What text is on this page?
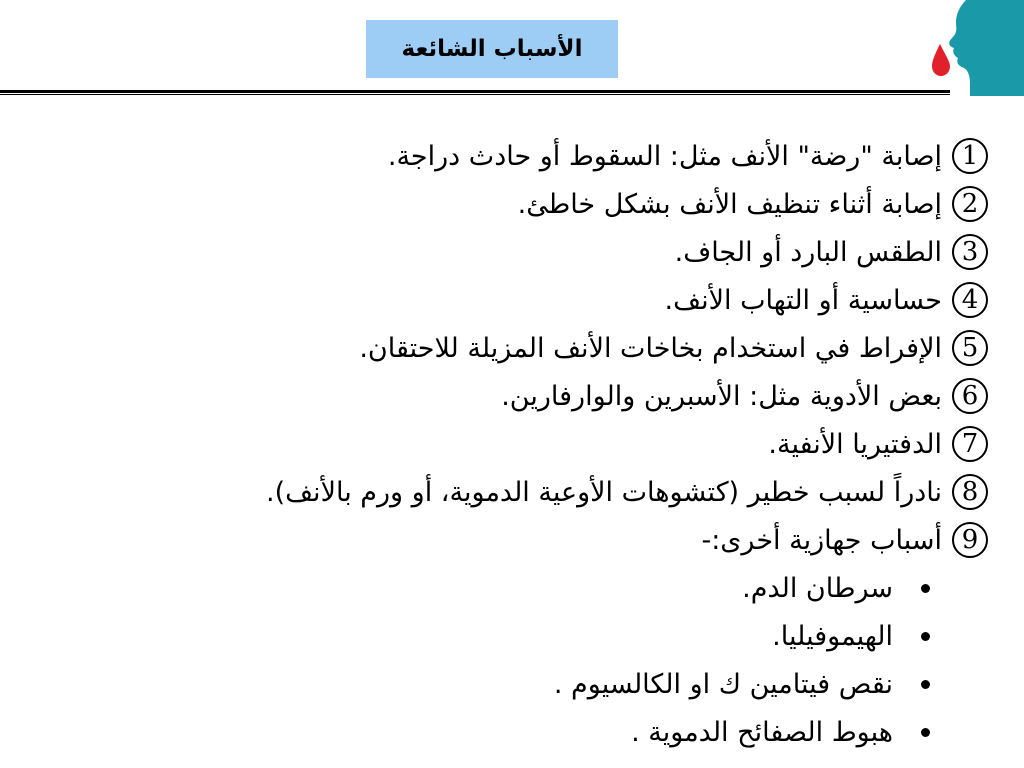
الأسباب الشائعة
1
إصابة "رضة" الأنف مثل: السقوط أو حادث دراجة.
2
إصابة أثناء تنظيف الأنف بشكل خاطئ.
3
الطقس البارد أو الجاف.
4
حساسية أو التهاب الأنف.
5
الإفراط في استخدام بخاخات الأنف المزيلة للاحتقان.
6
بعض الأدوية مثل: الأسبرين والوارفارين.
7
الدفتيريا الأنفية.
8
نادراً لسبب خطير (كتشوهات الأوعية الدموية، أو ورم بالأنف).
9
أسباب جهازية أخرى:-
سرطان الدم.
الهيموفيليا.
نقص فيتامين ك او الكالسيوم .
هبوط الصفائح الدموية .
